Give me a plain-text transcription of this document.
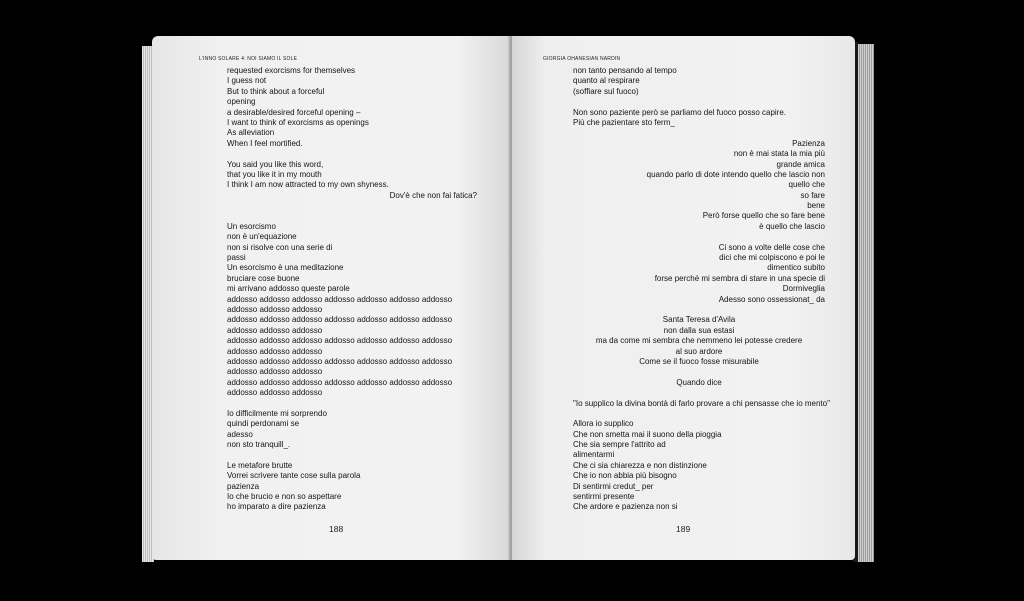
L'INNO SOLARE 4: NOI SIAMO IL SOLE
requested exorcisms for themselves
I guess not
But to think about a forceful
opening
a desirable/desired forceful opening –
I want to think of exorcisms as openings
As alleviation
When I feel mortified.
You said you like this word,
that you like it in my mouth
I think I am now attracted to my own shyness.
Dov'è che non fai fatica?
Un esorcismo
non è un'equazione
non si risolve con una serie di
passi
Un esorcismo è una meditazione
bruciare cose buone
mi arrivano addosso queste parole
addosso addosso addosso addosso addosso addosso addosso
addosso addosso addosso
addosso addosso addosso addosso addosso addosso addosso
addosso addosso addosso
addosso addosso addosso addosso addosso addosso addosso
addosso addosso addosso
addosso addosso addosso addosso addosso addosso addosso
addosso addosso addosso
addosso addosso addosso addosso addosso addosso addosso
addosso addosso addosso
Io difficilmente mi sorprendo
quindi perdonami se
adesso
non sto tranquill_.
Le metafore brutte
Vorrei scrivere tante cose sulla parola
pazienza
Io che brucio e non so aspettare
ho imparato a dire pazienza
188
GIORGIA OHANESIAN NARDIN
non tanto pensando al tempo
quanto al respirare
(soffiare sul fuoco)
Non sono paziente però se parliamo del fuoco posso capire.
Più che pazientare sto ferm_
Pazienza
non è mai stata la mia più
grande amica
quando parlo di dote intendo quello che lascio non
quello che
so fare
bene
Però forse quello che so fare bene
è quello che lascio
Ci sono a volte delle cose che
dici che mi colpiscono e poi le
dimentico subito
forse perché mi sembra di stare in una specie di
Dormiveglia
Adesso sono ossessionat_ da
Santa Teresa d'Avila
non dalla sua estasi
ma da come mi sembra che nemmeno lei potesse credere
al suo ardore
Come se il fuoco fosse misurabile
Quando dice
"Io supplico la divina bontà di farlo provare a chi pensasse che io mento"
Allora io supplico
Che non smetta mai il suono della pioggia
Che sia sempre l'attrito ad
alimentarmi
Che ci sia chiarezza e non distinzione
Che io non abbia più bisogno
Di sentirmi credut_ per
sentirmi presente
Che ardore e pazienza non si
189
